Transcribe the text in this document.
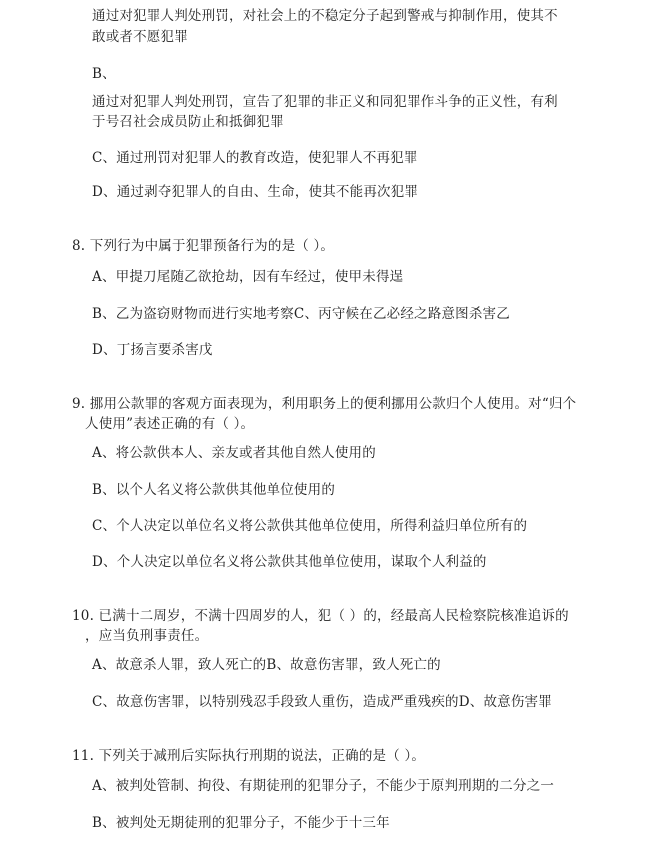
通过对犯罪人判处刑罚，对社会上的不稳定分子起到警戒与抑制作用，使其不
敢或者不愿犯罪
B、
通过对犯罪人判处刑罚，宣告了犯罪的非正义和同犯罪作斗争的正义性，有利
于号召社会成员防止和抵御犯罪
C、通过刑罚对犯罪人的教育改造，使犯罪人不再犯罪
D、通过剥夺犯罪人的自由、生命，使其不能再次犯罪
8. 下列行为中属于犯罪预备行为的是（ ）。
A、甲提刀尾随乙欲抢劫，因有车经过，使甲未得逞
B、乙为盗窃财物而进行实地考察C、丙守候在乙必经之路意图杀害乙
D、丁扬言要杀害戊
9. 挪用公款罪的客观方面表现为，利用职务上的便利挪用公款归个人使用。对“归个
人使用”表述正确的有（ ）。
A、将公款供本人、亲友或者其他自然人使用的
B、以个人名义将公款供其他单位使用的
C、个人决定以单位名义将公款供其他单位使用，所得利益归单位所有的
D、个人决定以单位名义将公款供其他单位使用，谋取个人利益的
10. 已满十二周岁，不满十四周岁的人，犯（ ）的，经最高人民检察院核准追诉的
，应当负刑事责任。
A、故意杀人罪，致人死亡的B、故意伤害罪，致人死亡的
C、故意伤害罪，以特别残忍手段致人重伤，造成严重残疾的D、故意伤害罪
11. 下列关于减刑后实际执行刑期的说法，正确的是（ ）。
A、被判处管制、拘役、有期徒刑的犯罪分子，不能少于原判刑期的二分之一
B、被判处无期徒刑的犯罪分子，不能少于十三年
